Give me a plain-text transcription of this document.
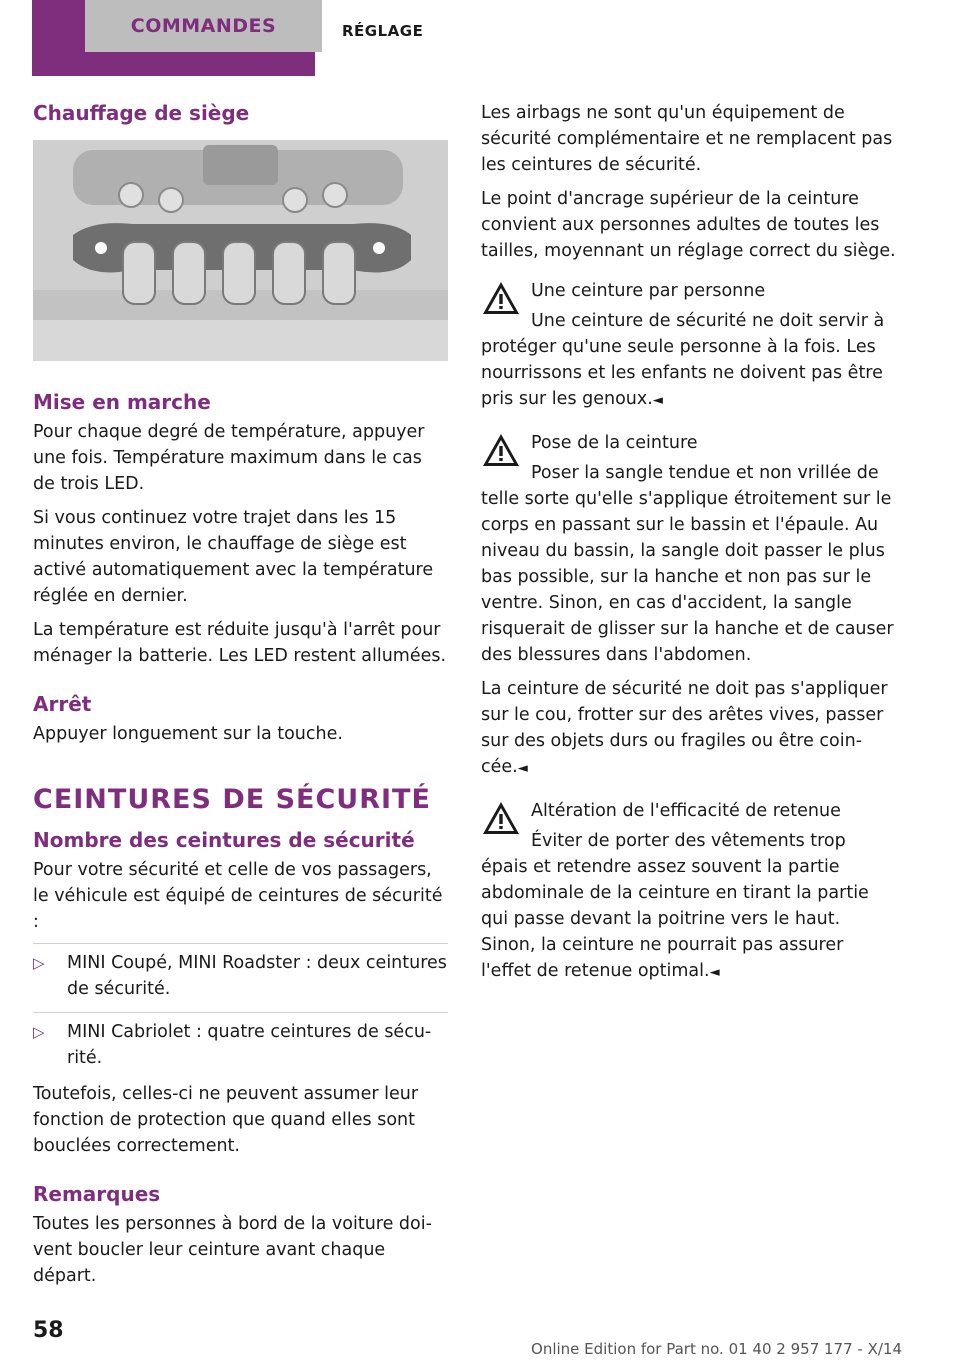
COMMANDES	RÉGLAGE
Chauffage de siège
Mise en marche

Pour chaque degré de température, appuyer une fois. Température maximum dans le cas de trois LED.

Si vous continuez votre trajet dans les 15 minutes environ, le chauffage de siège est activé automatiquement avec la température réglée en dernier.

La température est réduite jusqu'à l'arrêt pour ménager la batterie. Les LED restent allumées.

Arrêt

Appuyer longuement sur la touche.

CEINTURES DE SÉCURITÉ
Nombre des ceintures de sécurité

Pour votre sécurité et celle de vos passagers, le véhicule est équipé de ceintures de sécurité :

▷ MINI Coupé, MINI Roadster : deux ceintures de sécurité.
▷ MINI Cabriolet : quatre ceintures de sécurité.

Toutefois, celles-ci ne peuvent assumer leur fonction de protection que quand elles sont bouclées correctement.

Remarques

Toutes les personnes à bord de la voiture doivent boucler leur ceinture avant chaque départ.

Les airbags ne sont qu'un équipement de sécurité complémentaire et ne remplacent pas les ceintures de sécurité.

Le point d'ancrage supérieur de la ceinture convient aux personnes adultes de toutes les tailles, moyennant un réglage correct du siège.

Une ceinture par personne

Une ceinture de sécurité ne doit servir à protéger qu'une seule personne à la fois. Les nourrissons et les enfants ne doivent pas être pris sur les genoux.◄

Pose de la ceinture

Poser la sangle tendue et non vrillée de telle sorte qu'elle s'applique étroitement sur le corps en passant sur le bassin et l'épaule. Au niveau du bassin, la sangle doit passer le plus bas possible, sur la hanche et non pas sur le ventre. Sinon, en cas d'accident, la sangle risquerait de glisser sur la hanche et de causer des blessures dans l'abdomen.

La ceinture de sécurité ne doit pas s'appliquer sur le cou, frotter sur des arêtes vives, passer sur des objets durs ou fragiles ou être coincée.◄

Altération de l'efficacité de retenue

Éviter de porter des vêtements trop épais et retendre assez souvent la partie abdominale de la ceinture en tirant la partie qui passe devant la poitrine vers le haut. Sinon, la ceinture ne pourrait pas assurer l'effet de retenue optimal.◄

58
Online Edition for Part no. 01 40 2 957 177 - X/14
